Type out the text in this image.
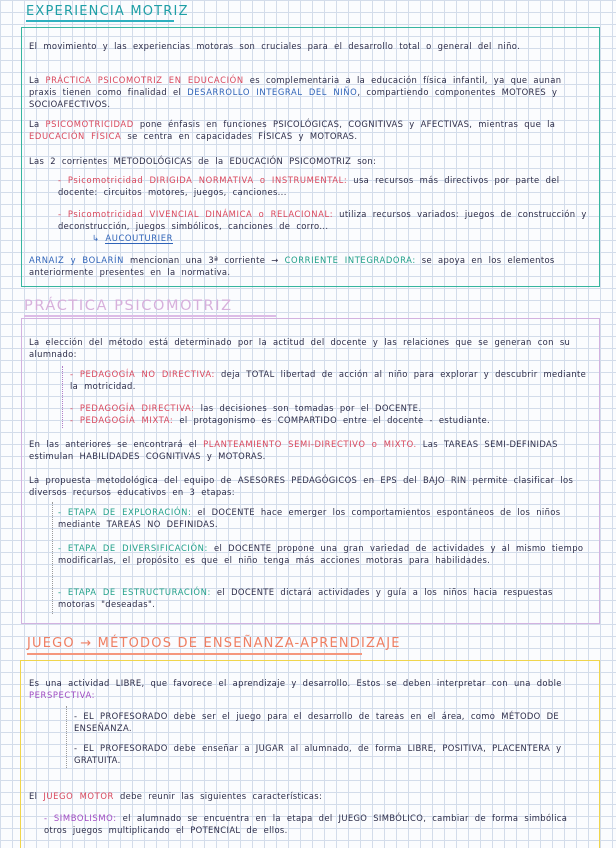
EXPERIENCIA MOTRIZ
El movimiento y las experiencias motoras son cruciales para el desarrollo total o general del niño.
La PRÁCTICA PSICOMOTRIZ EN EDUCACIÓN es complementaria a la educación física infantil, ya que aunan praxis tienen como finalidad el DESARROLLO INTEGRAL DEL NIÑO, compartiendo componentes MOTORES y SOCIOAFECTIVOS.
La PSICOMOTRICIDAD pone énfasis en funciones PSICOLÓGICAS, COGNITIVAS y AFECTIVAS, mientras que la EDUCACIÓN FÍSICA se centra en capacidades FÍSICAS y MOTORAS.
Las 2 corrientes METODOLÓGICAS de la EDUCACIÓN PSICOMOTRIZ son:
- Psicomotricidad DIRIGIDA NORMATIVA o INSTRUMENTAL: usa recursos más directivos por parte del docente: circuitos motores, juegos, canciones...
- Psicomotricidad VIVENCIAL DINÁMICA o RELACIONAL: utiliza recursos variados: juegos de construcción y deconstrucción, juegos simbólicos, canciones de corro...
↳ AUCOUTURIER
ARNAIZ y BOLARÍN mencionan una 3ª corriente → CORRIENTE INTEGRADORA: se apoya en los elementos anteriormente presentes en la normativa.
PRÁCTICA PSICOMOTRIZ
La elección del método está determinado por la actitud del docente y las relaciones que se generan con su alumnado:
- PEDAGOGÍA NO DIRECTIVA: deja TOTAL libertad de acción al niño para explorar y descubrir mediante la motricidad.
- PEDAGOGÍA DIRECTIVA: las decisiones son tomadas por el DOCENTE.
- PEDAGOGÍA MIXTA: el protagonismo es COMPARTIDO entre el docente - estudiante.
En las anteriores se encontrará el PLANTEAMIENTO SEMI-DIRECTIVO o MIXTO. Las TAREAS SEMI-DEFINIDAS estimulan HABILIDADES COGNITIVAS y MOTORAS.
La propuesta metodológica del equipo de ASESORES PEDAGÓGICOS en EPS del BAJO RIN permite clasificar los diversos recursos educativos en 3 etapas:
- ETAPA DE EXPLORACIÓN: el DOCENTE hace emerger los comportamientos espontáneos de los niños mediante TAREAS NO DEFINIDAS.
- ETAPA DE DIVERSIFICACIÓN: el DOCENTE propone una gran variedad de actividades y al mismo tiempo modificarlas, el propósito es que el niño tenga más acciones motoras para habilidades.
- ETAPA DE ESTRUCTURACIÓN: el DOCENTE dictará actividades y guía a los niños hacia respuestas motoras "deseadas".
JUEGO → MÉTODOS DE ENSEÑANZA-APRENDIZAJE
Es una actividad LIBRE, que favorece el aprendizaje y desarrollo. Estos se deben interpretar con una doble PERSPECTIVA:
- EL PROFESORADO debe ser el juego para el desarrollo de tareas en el área, como MÉTODO DE ENSEÑANZA.
- EL PROFESORADO debe enseñar a JUGAR al alumnado, de forma LIBRE, POSITIVA, PLACENTERA y GRATUITA.
El JUEGO MOTOR debe reunir las siguientes características:
- SIMBOLISMO: el alumnado se encuentra en la etapa del JUEGO SIMBÓLICO, cambiar de forma simbólica otros juegos multiplicando el POTENCIAL de ellos.
